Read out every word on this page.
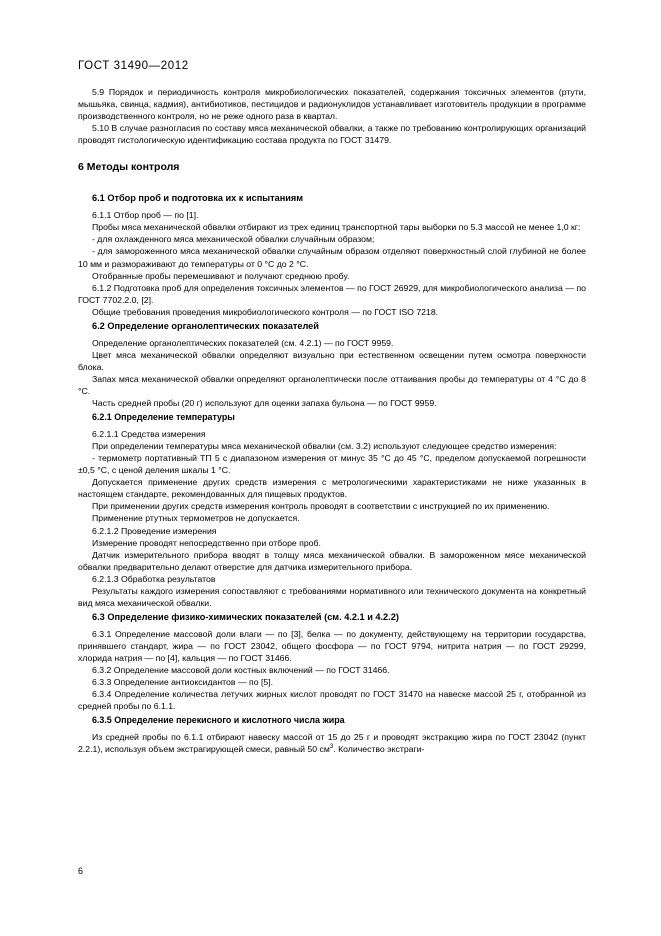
ГОСТ 31490—2012

5.9 Порядок и периодичность контроля микробиологических показателей, содержания токсичных элементов (ртути, мышьяка, свинца, кадмия), антибиотиков, пестицидов и радионуклидов устанавливает изготовитель продукции в программе производственного контроля, но не реже одного раза в квартал.

5.10 В случае разногласия по составу мяса механической обвалки, а также по требованию контролирующих организаций проводят гистологическую идентификацию состава продукта по ГОСТ 31479.

6 Методы контроля

6.1 Отбор проб и подготовка их к испытаниям

6.1.1 Отбор проб — по [1].

Пробы мяса механической обвалки отбирают из трех единиц транспортной тары выборки по 5.3 массой не менее 1,0 кг:

- для охлажденного мяса механической обвалки случайным образом;

- для замороженного мяса механической обвалки случайным образом отделяют поверхностный слой глубиной не более 10 мм и размораживают до температуры от 0 °С до 2 °С.

Отобранные пробы перемешивают и получают среднюю пробу.

6.1.2 Подготовка проб для определения токсичных элементов — по ГОСТ 26929, для микробиологического анализа — по ГОСТ 7702.2.0, [2].

Общие требования проведения микробиологического контроля — по ГОСТ ISO 7218.

6.2 Определение органолептических показателей

Определение органолептических показателей (см. 4.2.1) — по ГОСТ 9959.

Цвет мяса механической обвалки определяют визуально при естественном освещении путем осмотра поверхности блока.

Запах мяса механической обвалки определяют органолептически после оттаивания пробы до температуры от 4 °С до 8 °С.

Часть средней пробы (20 г) используют для оценки запаха бульона — по ГОСТ 9959.

6.2.1 Определение температуры

6.2.1.1 Средства измерения

При определении температуры мяса механической обвалки (см. 3.2) используют следующее средство измерения:

- термометр портативный ТП 5 с диапазоном измерения от минус 35 °С до 45 °С, пределом допускаемой погрешности ±0,5 °С, с ценой деления шкалы 1 °С.

Допускается применение других средств измерения с метрологическими характеристиками не ниже указанных в настоящем стандарте, рекомендованных для пищевых продуктов.

При применении других средств измерения контроль проводят в соответствии с инструкцией по их применению.

Применение ртутных термометров не допускается.

6.2.1.2 Проведение измерения

Измерение проводят непосредственно при отборе проб.

Датчик измерительного прибора вводят в толщу мяса механической обвалки. В замороженном мясе механической обвалки предварительно делают отверстие для датчика измерительного прибора.

6.2.1.3 Обработка результатов

Результаты каждого измерения сопоставляют с требованиями нормативного или технического документа на конкретный вид мяса механической обвалки.

6.3 Определение физико-химических показателей (см. 4.2.1 и 4.2.2)

6.3.1 Определение массовой доли влаги — по [3], белка — по документу, действующему на территории государства, принявшего стандарт, жира — по ГОСТ 23042, общего фосфора — по ГОСТ 9794, нитрита натрия — по ГОСТ 29299, хлорида натрия — по [4], кальция — по ГОСТ 31466.

6.3.2 Определение массовой доли костных включений — по ГОСТ 31466.

6.3.3 Определение антиоксидантов — по [5].

6.3.4 Определение количества летучих жирных кислот проводят по ГОСТ 31470 на навеске массой 25 г, отобранной из средней пробы по 6.1.1.

6.3.5 Определение перекисного и кислотного числа жира

Из средней пробы по 6.1.1 отбирают навеску массой от 15 до 25 г и проводят экстракцию жира по ГОСТ 23042 (пункт 2.2.1), используя объем экстрагирующей смеси, равный 50 $см^3$. Количество экстраги-

6
